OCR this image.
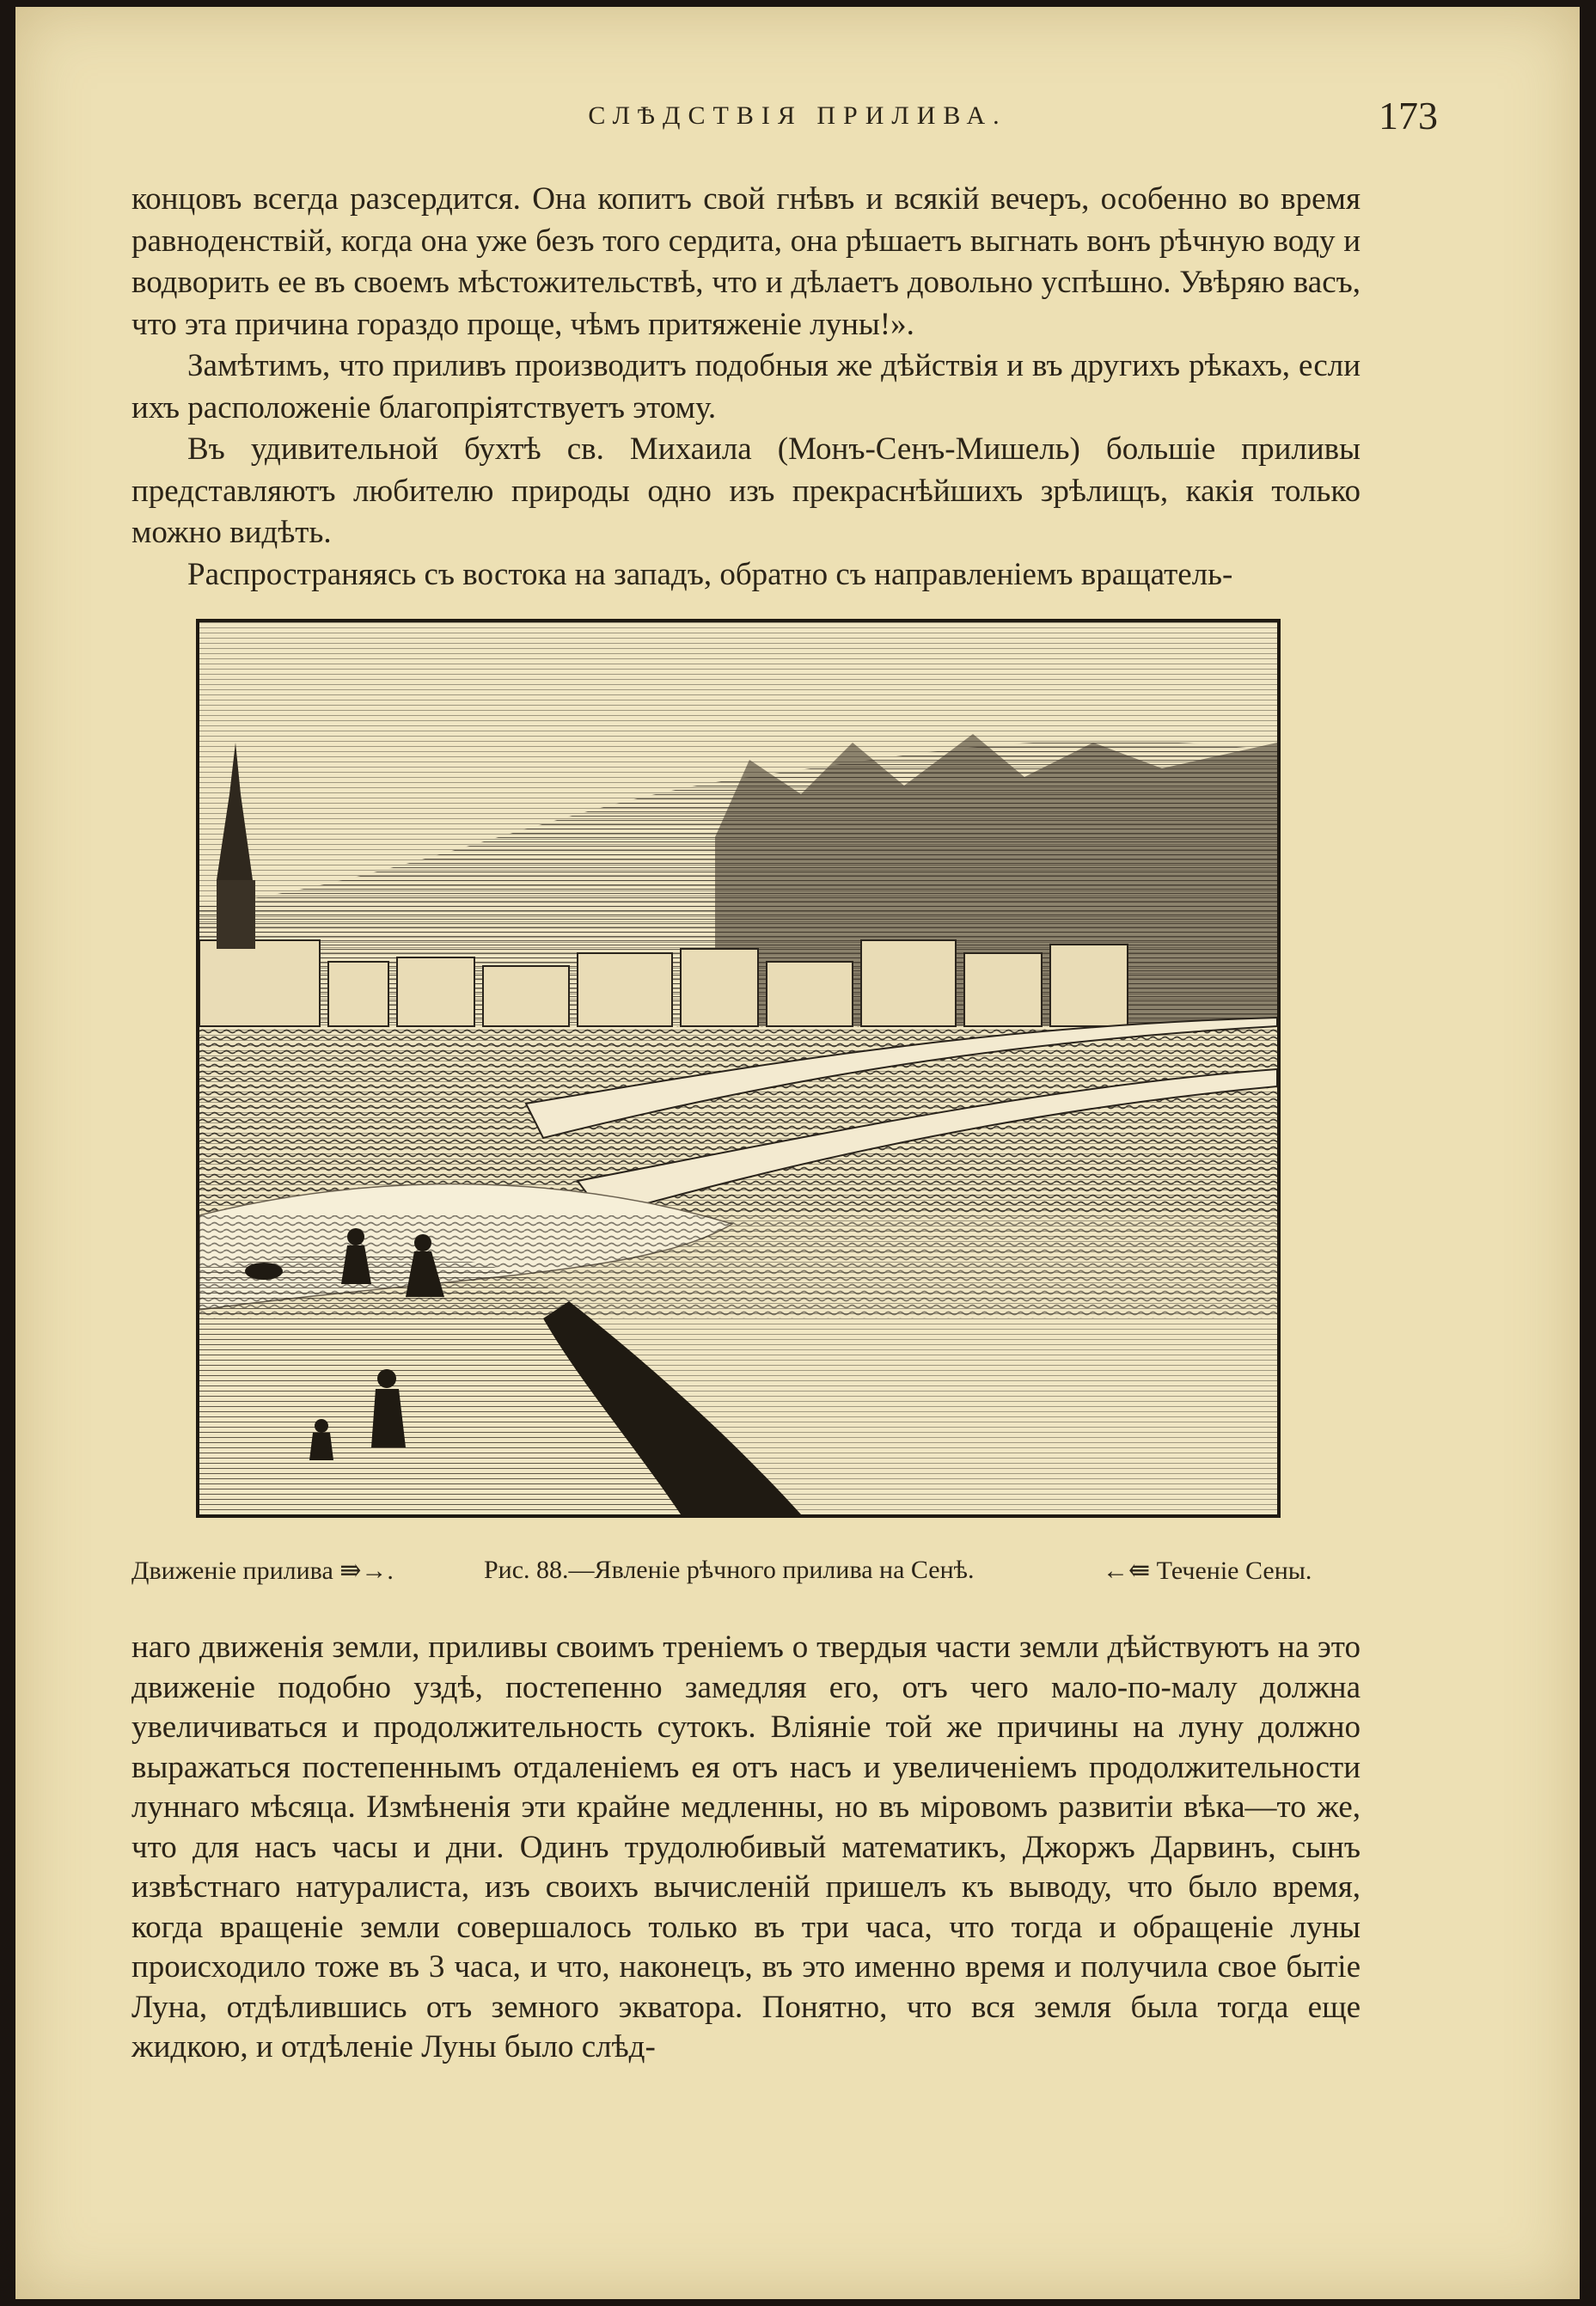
СЛѢДСТВІЯ ПРИЛИВА.	173

концовъ всегда разсердится. Она копитъ свой гнѣвъ и всякій вечеръ, особенно во время равноденствій, когда она уже безъ того сердита, она рѣшаетъ выгнать вонъ рѣчную воду и водворить ее въ своемъ мѣстожительствѣ, что и дѣлаетъ довольно успѣшно. Увѣряю васъ, что эта причина гораздо проще, чѣмъ притяженіе луны!».

Замѣтимъ, что приливъ производитъ подобныя же дѣйствія и въ другихъ рѣкахъ, если ихъ расположеніе благопріятствуетъ этому.

Въ удивительной бухтѣ св. Михаила (Монъ-Сенъ-Мишель) большіе приливы представляютъ любителю природы одно изъ прекраснѣйшихъ зрѣлищъ, какія только можно видѣть.

Распространяясь съ востока на западъ, обратно съ направленіемъ вращатель-

Движеніе прилива ⇛→.	Рис. 88.—Явленіе рѣчного прилива на Сенѣ.	←⇚ Теченіе Сены.

наго движенія земли, приливы своимъ треніемъ о твердыя части земли дѣйствуютъ на это движеніе подобно уздѣ, постепенно замедляя его, отъ чего мало-по-малу должна увеличиваться и продолжительность сутокъ. Вліяніе той же причины на луну должно выражаться постепеннымъ отдаленіемъ ея отъ насъ и увеличеніемъ продолжительности луннаго мѣсяца. Измѣненія эти крайне медленны, но въ міровомъ развитіи вѣка—то же, что для насъ часы и дни. Одинъ трудолюбивый математикъ, Джоржъ Дарвинъ, сынъ извѣстнаго натуралиста, изъ своихъ вычисленій пришелъ къ выводу, что было время, когда вращеніе земли совершалось только въ три часа, что тогда и обращеніе луны происходило тоже въ 3 часа, и что, наконецъ, въ это именно время и получила свое бытіе Луна, отдѣлившись отъ земного экватора. Понятно, что вся земля была тогда еще жидкою, и отдѣленіе Луны было слѣд-
